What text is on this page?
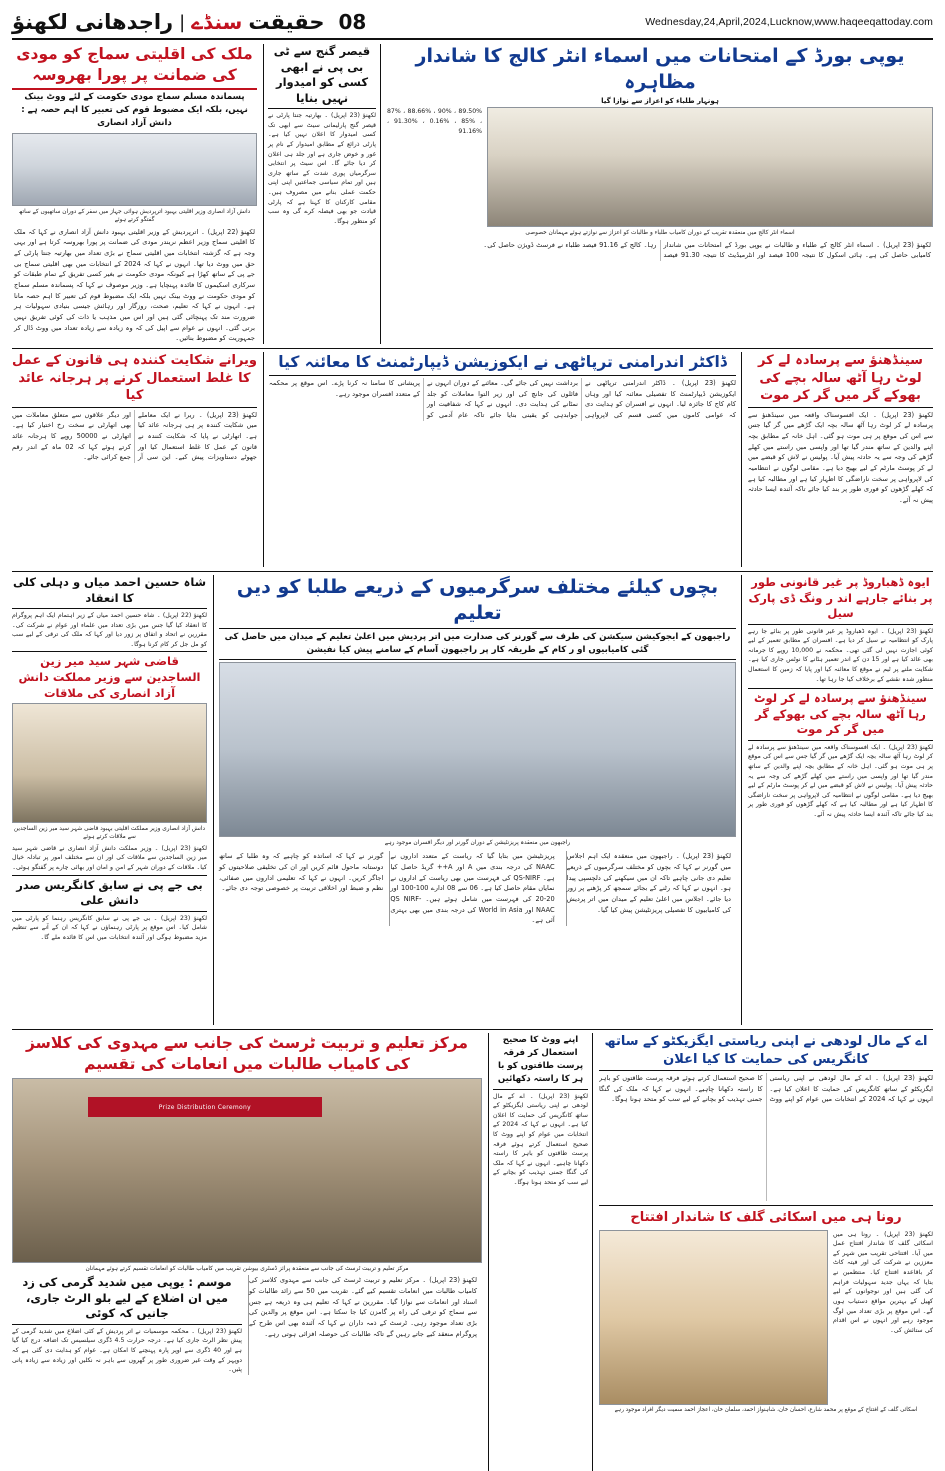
راجدھانی لکھنؤ | سنڈے حقیقت 08	Wednesday,24,April,2024,Lucknow,www.haqeeqattoday.com
ملک کی اقلیتی سماج کو مودی کی ضمانت پر پورا بھروسہ
پسماندہ مسلم سماج مودی حکومت کے لئے ووٹ بینک نہیں، بلکہ ایک مضبوط قوم کی تعبیر کا اہم حصہ ہے : دانش آزاد انصاری
دانش آزاد انصاری وزیر اقلیتی بہبود اترپردیش ہوائی جہاز میں سفر کے دوران ساتھیوں کے ساتھ گفتگو کرتے ہوئے
لکھنؤ (22 اپریل) ۔ اترپردیش کے وزیر اقلیتی بہبود دانش آزاد انصاری نے کہا کہ ملک کا اقلیتی سماج وزیر اعظم نریندر مودی کی ضمانت پر پورا بھروسہ کرتا ہے اور یہی وجہ ہے کہ گزشتہ انتخابات میں اقلیتی سماج نے بڑی تعداد میں بھارتیہ جنتا پارٹی کے حق میں ووٹ دیا تھا۔ انہوں نے کہا کہ 2024 کے انتخابات میں بھی اقلیتی سماج بی جے پی کے ساتھ کھڑا ہے کیونکہ مودی حکومت نے بغیر کسی تفریق کے تمام طبقات کو سرکاری اسکیموں کا فائدہ پہنچایا ہے۔ وزیر موصوف نے کہا کہ پسماندہ مسلم سماج کو مودی حکومت نے ووٹ بینک نہیں بلکہ ایک مضبوط قوم کی تعبیر کا اہم حصہ مانا ہے۔ انہوں نے کہا کہ تعلیم، صحت، روزگار اور رہائش جیسی بنیادی سہولیات ہر ضرورت مند تک پہنچائی گئی ہیں اور اس میں مذہب یا ذات کی کوئی تفریق نہیں برتی گئی۔ انہوں نے عوام سے اپیل کی کہ وہ زیادہ سے زیادہ تعداد میں ووٹ ڈال کر جمہوریت کو مضبوط بنائیں۔
قیصر گنج سے ٹی بی پی نے ابھی کسی کو امیدوار نہیں بنایا
لکھنؤ (23 اپریل) ۔ بھارتیہ جنتا پارٹی نے قیصر گنج پارلیمانی سیٹ سے ابھی تک کسی امیدوار کا اعلان نہیں کیا ہے۔ پارٹی ذرائع کے مطابق امیدوار کے نام پر غور و خوض جاری ہے اور جلد ہی اعلان کر دیا جائے گا۔ اس سیٹ پر انتخابی سرگرمیاں پوری شدت کے ساتھ جاری ہیں اور تمام سیاسی جماعتیں اپنی اپنی حکمت عملی بنانے میں مصروف ہیں۔ مقامی کارکنان کا کہنا ہے کہ پارٹی قیادت جو بھی فیصلہ کرے گی وہ سب کو منظور ہوگا۔
یوپی بورڈ کے امتحانات میں اسماء انٹر کالج کا شاندار مظاہرہ
ہونہار طلباء کو اعزاز سے نوازا گیا
89.50% ، 90% ، 88.66% ، 87% ، 85% ، 0.16% ، 91.30% ، 91.16%
اسماء انٹر کالج میں منعقدہ تقریب کے دوران کامیاب طلباء و طالبات کو اعزاز سے نوازتے ہوئے مہمانان خصوصی
لکھنؤ (23 اپریل) ۔ اسماء انٹر کالج کے طلباء و طالبات نے یوپی بورڈ کے امتحانات میں شاندار کامیابی حاصل کی ہے۔ ہائی اسکول کا نتیجہ 100 فیصد اور انٹرمیڈیٹ کا نتیجہ 91.30 فیصد رہا۔ کالج کے 91.16 فیصد طلباء نے فرسٹ ڈویژن حاصل کی۔
ویرانے شکایت کنندہ ہی قانون کے عمل کا غلط استعمال کرنے پر ہرجانہ عائد کیا
لکھنؤ (23 اپریل) ۔ ریرا نے ایک معاملے میں شکایت کنندہ پر ہی ہرجانہ عائد کیا ہے۔ اتھارٹی نے پایا کہ شکایت کنندہ نے قانون کے عمل کا غلط استعمال کیا اور جھوٹے دستاویزات پیش کیے۔ این سی آر اور دیگر علاقوں سے متعلق معاملات میں بھی اتھارٹی نے سخت رخ اختیار کیا ہے۔ اتھارٹی نے 50000 روپے کا ہرجانہ عائد کرتے ہوئے کہا کہ 02 ماہ کے اندر رقم جمع کرائی جائے۔
ڈاکٹر اندرامنی ترپاٹھی نے ایکوزیشن ڈیپارٹمنٹ کا معائنہ کیا
لکھنؤ (23 اپریل) ۔ ڈاکٹر اندرامنی ترپاٹھی نے ایکوزیشن ڈیپارٹمنٹ کا تفصیلی معائنہ کیا اور وہاں کام کاج کا جائزہ لیا۔ انہوں نے افسران کو ہدایت دی کہ عوامی کاموں میں کسی قسم کی لاپرواہی برداشت نہیں کی جائے گی۔ معائنے کے دوران انہوں نے فائلوں کی جانچ کی اور زیر التوا معاملات کو جلد نمٹانے کی ہدایت دی۔ انہوں نے کہا کہ شفافیت اور جوابدہی کو یقینی بنایا جائے تاکہ عام آدمی کو پریشانی کا سامنا نہ کرنا پڑے۔ اس موقع پر محکمہ کے متعدد افسران موجود رہے۔
سینڈھنؤ سے پرسادہ لے کر لوٹ رہا آٹھ سالہ بچے کی بھوکے گر میں گر کر موت
لکھنؤ (23 اپریل) ۔ ایک افسوسناک واقعہ میں سینڈھنؤ سے پرسادہ لے کر لوٹ رہا آٹھ سالہ بچہ ایک گڑھے میں گر گیا جس سے اس کی موقع پر ہی موت ہو گئی۔ اہل خانہ کے مطابق بچہ اپنے والدین کے ساتھ مندر گیا تھا اور واپسی میں راستے میں کھلے گڑھے کی وجہ سے یہ حادثہ پیش آیا۔ پولیس نے لاش کو قبضے میں لے کر پوسٹ مارٹم کے لیے بھیج دیا ہے۔ مقامی لوگوں نے انتظامیہ کی لاپرواہی پر سخت ناراضگی کا اظہار کیا ہے اور مطالبہ کیا ہے کہ کھلے گڑھوں کو فوری طور پر بند کیا جائے تاکہ آئندہ ایسا حادثہ پیش نہ آئے۔
شاہ حسین احمد میاں و دہلی کلی کا انعقاد
لکھنؤ (22 اپریل) ۔ شاہ حسین احمد میاں کے زیر اہتمام ایک اہم پروگرام کا انعقاد کیا گیا جس میں بڑی تعداد میں علماء اور عوام نے شرکت کی۔ مقررین نے اتحاد و اتفاق پر زور دیا اور کہا کہ ملک کی ترقی کے لیے سب کو مل جل کر کام کرنا ہوگا۔
قاضی شہر سید میر زین الساجدین سے وزیر مملکت دانش آزاد انصاری کی ملاقات
دانش آزاد انصاری وزیر مملکت اقلیتی بہبود قاضی شہر سید میر زین الساجدین سے ملاقات کرتے ہوئے
لکھنؤ (23 اپریل) ۔ وزیر مملکت دانش آزاد انصاری نے قاضی شہر سید میر زین الساجدین سے ملاقات کی اور ان سے مختلف امور پر تبادلہ خیال کیا۔ ملاقات کے دوران شہر کے امن و امان اور بھائی چارے پر گفتگو ہوئی۔
بی جے پی نے سابق کانگریس صدر دانش علی
لکھنؤ (23 اپریل) ۔ بی جے پی نے سابق کانگریس رہنما کو پارٹی میں شامل کیا۔ اس موقع پر پارٹی رہنماؤں نے کہا کہ ان کے آنے سے تنظیم مزید مضبوط ہوگی اور آئندہ انتخابات میں اس کا فائدہ ملے گا۔
بچوں کیلئے مختلف سرگرمیوں کے ذریعے طلبا کو دیں تعلیم
راجبھون کے ایجوکیشن سیکشن کی طرف سے گورنر کی صدارت میں اتر پردیش میں اعلیٰ تعلیم کے میدان میں حاصل کی گئی کامیابیوں او ر کام کے طریقہ کار پر راجبھون آسام کے سامنے پیش کیا نفیشن
راجبھون میں منعقدہ پریزنٹیشن کے دوران گورنر اور دیگر افسران موجود رہے
گورنر نے کہا کہ اساتذہ کو چاہیے کہ وہ طلبا کے ساتھ دوستانہ ماحول قائم کریں اور ان کی تخلیقی صلاحیتوں کو اجاگر کریں۔ انہوں نے کہا کہ تعلیمی اداروں میں صفائی، نظم و ضبط اور اخلاقی تربیت پر خصوصی توجہ دی جائے۔
پریزنٹیشن میں بتایا گیا کہ ریاست کے متعدد اداروں نے NAAC کی درجہ بندی میں A اور A++ گریڈ حاصل کیا ہے۔ QS-NIRF کی فہرست میں بھی ریاست کے اداروں نے نمایاں مقام حاصل کیا ہے۔ 06 سے 08 ادارے 100-100 اور 20-20 کی فہرست میں شامل ہوئے ہیں۔ QS NIRF-NAAC اور World in Asia کی درجہ بندی میں بھی بہتری آئی ہے۔
لکھنؤ (23 اپریل) ۔ راجبھون میں منعقدہ ایک اہم اجلاس میں گورنر نے کہا کہ بچوں کو مختلف سرگرمیوں کے ذریعے تعلیم دی جانی چاہیے تاکہ ان میں سیکھنے کی دلچسپی پیدا ہو۔ انہوں نے کہا کہ رٹنے کے بجائے سمجھ کر پڑھنے پر زور دیا جائے۔ اجلاس میں اعلیٰ تعلیم کے میدان میں اتر پردیش کی کامیابیوں کا تفصیلی پریزنٹیشن پیش کیا گیا۔
ایوہ ڈھباروڈ پر غیر قانونی طور پر بنائے جارہے اند ر ونگ ڈی پارک سیل
لکھنؤ (23 اپریل) ۔ ایوہ ڈھباروڈ پر غیر قانونی طور پر بنائے جا رہے پارک کو انتظامیہ نے سیل کر دیا ہے۔ افسران کے مطابق تعمیر کے لیے کوئی اجازت نہیں لی گئی تھی۔ محکمہ نے 10,000 روپے کا جرمانہ بھی عائد کیا ہے اور 15 دن کے اندر تعمیر ہٹانے کا نوٹس جاری کیا ہے۔ شکایت ملنے پر ٹیم نے موقع کا معائنہ کیا اور پایا کہ زمین کا استعمال منظور شدہ نقشے کے برخلاف کیا جا رہا تھا۔
سینڈھنؤ سے پرسادہ لے کر لوٹ رہا آٹھ سالہ بچے کی بھوکے گر میں گر کر موت
لکھنؤ (23 اپریل) ۔ ایک افسوسناک واقعہ میں سینڈھنؤ سے پرسادہ لے کر لوٹ رہا آٹھ سالہ بچہ ایک گڑھے میں گر گیا جس سے اس کی موقع پر ہی موت ہو گئی۔ اہل خانہ کے مطابق بچہ اپنے والدین کے ساتھ مندر گیا تھا اور واپسی میں راستے میں کھلے گڑھے کی وجہ سے یہ حادثہ پیش آیا۔ پولیس نے لاش کو قبضے میں لے کر پوسٹ مارٹم کے لیے بھیج دیا ہے۔ مقامی لوگوں نے انتظامیہ کی لاپرواہی پر سخت ناراضگی کا اظہار کیا ہے اور مطالبہ کیا ہے کہ کھلے گڑھوں کو فوری طور پر بند کیا جائے تاکہ آئندہ ایسا حادثہ پیش نہ آئے۔
مرکز تعلیم و تربیت ٹرسٹ کی جانب سے مہدوی کی کلاسز کی کامیاب طالبات میں انعامات کی تقسیم
Prize Distribution Ceremony
مرکز تعلیم و تربیت ٹرسٹ کی جانب سے منعقدہ پرائز ڈسٹری بیوشن تقریب میں کامیاب طالبات کو انعامات تقسیم کرتے ہوئے مہمانان
موسم : یوپی میں شدید گرمی کی زد میں ان اضلاع کے لیے بلو الرٹ جاری، جانیں کہ کوئی
لکھنؤ (23 اپریل) ۔ محکمہ موسمیات نے اتر پردیش کے کئی اضلاع میں شدید گرمی کے پیش نظر الرٹ جاری کیا ہے۔ درجہ حرارت 4.5 ڈگری سیلسیس تک اضافہ درج کیا گیا ہے اور 40 ڈگری سے اوپر پارہ پہنچنے کا امکان ہے۔ عوام کو ہدایت دی گئی ہے کہ دوپہر کے وقت غیر ضروری طور پر گھروں سے باہر نہ نکلیں اور زیادہ سے زیادہ پانی پئیں۔
لکھنؤ (23 اپریل) ۔ مرکز تعلیم و تربیت ٹرسٹ کی جانب سے مہدوی کلاسز کی کامیاب طالبات میں انعامات تقسیم کیے گئے۔ تقریب میں 50 سے زائد طالبات کو اسناد اور انعامات سے نوازا گیا۔ مقررین نے کہا کہ تعلیم ہی وہ ذریعہ ہے جس سے سماج کو ترقی کی راہ پر گامزن کیا جا سکتا ہے۔ اس موقع پر والدین کی بڑی تعداد موجود رہی۔ ٹرسٹ کے ذمہ داران نے کہا کہ آئندہ بھی اس طرح کے پروگرام منعقد کیے جاتے رہیں گے تاکہ طالبات کی حوصلہ افزائی ہوتی رہے۔
اپنے ووٹ کا صحیح استعمال کر فرقہ پرست طاقتوں کو با ہر کا راستہ دکھائیں
لکھنؤ (23 اپریل) ۔ اے کے مال لودھی نے اپنی ریاستی ایگزیکٹو کے ساتھ کانگریس کی حمایت کا اعلان کیا ہے۔ انہوں نے کہا کہ 2024 کے انتخابات میں عوام کو اپنے ووٹ کا صحیح استعمال کرتے ہوئے فرقہ پرست طاقتوں کو باہر کا راستہ دکھانا چاہیے۔ انہوں نے کہا کہ ملک کی گنگا جمنی تہذیب کو بچانے کے لیے سب کو متحد ہونا ہوگا۔
اے کے مال لودھی نے اپنی ریاستی ایگزیکٹو کے ساتھ کانگریس کی حمایت کا کیا اعلان
لکھنؤ (23 اپریل) ۔ اے کے مال لودھی نے اپنی ریاستی ایگزیکٹو کے ساتھ کانگریس کی حمایت کا اعلان کیا ہے۔ انہوں نے کہا کہ 2024 کے انتخابات میں عوام کو اپنے ووٹ کا صحیح استعمال کرتے ہوئے فرقہ پرست طاقتوں کو باہر کا راستہ دکھانا چاہیے۔ انہوں نے کہا کہ ملک کی گنگا جمنی تہذیب کو بچانے کے لیے سب کو متحد ہونا ہوگا۔
رونا ہی میں اسکائی گلف کا شاندار افتتاح
لکھنؤ (23 اپریل) ۔ رونا ہی میں اسکائی گلف کا شاندار افتتاح عمل میں آیا۔ افتتاحی تقریب میں شہر کے معززین نے شرکت کی اور فیتہ کاٹ کر باقاعدہ افتتاح کیا۔ منتظمین نے بتایا کہ یہاں جدید سہولیات فراہم کی گئی ہیں اور نوجوانوں کے لیے کھیل کے بہترین مواقع دستیاب ہوں گے۔ اس موقع پر بڑی تعداد میں لوگ موجود رہے اور انہوں نے اس اقدام کی ستائش کی۔
اسکائی گلف کے افتتاح کے موقع پر محمد شارع، احسان خان، شاہنواز احمد، سلمان خان، اعجاز احمد سمیت دیگر افراد موجود رہے
